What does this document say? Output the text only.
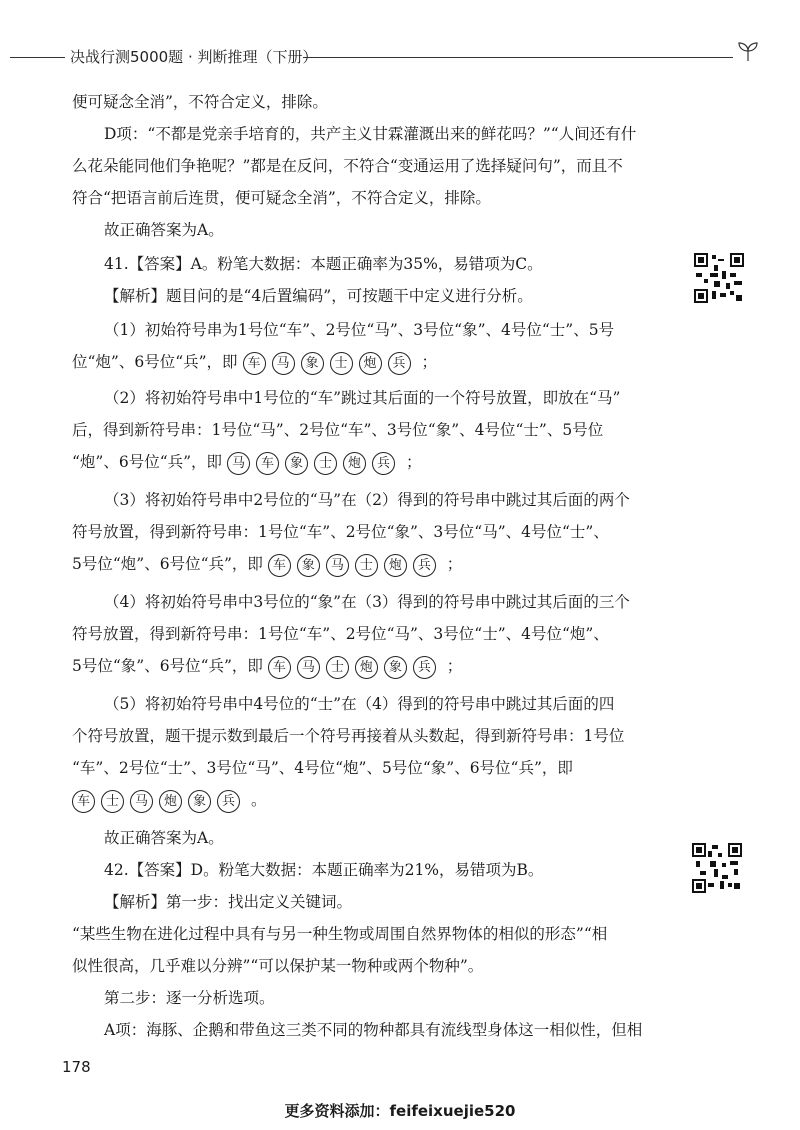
决战行测5000题 · 判断推理（下册）
便可疑念全消”，不符合定义，排除。
D项：“不都是党亲手培育的，共产主义甘霖灌溉出来的鲜花吗？”“人间还有什
么花朵能同他们争艳呢？”都是在反问，不符合“变通运用了选择疑问句”，而且不
符合“把语言前后连贯，便可疑念全消”，不符合定义，排除。
故正确答案为A。
41.【答案】A。粉笔大数据：本题正确率为35%，易错项为C。
【解析】题目问的是“4后置编码”，可按题干中定义进行分析。
（1）初始符号串为1号位“车”、2号位“马”、3号位“象”、4号位“士”、5号
位“炮”、6号位“兵”，即 车 马 象 士 炮 兵 ；
（2）将初始符号串中1号位的“车”跳过其后面的一个符号放置，即放在“马”
后，得到新符号串：1号位“马”、2号位“车”、3号位“象”、4号位“士”、5号位
“炮”、6号位“兵”，即 马 车 象 士 炮 兵 ；
（3）将初始符号串中2号位的“马”在（2）得到的符号串中跳过其后面的两个
符号放置，得到新符号串：1号位“车”、2号位“象”、3号位“马”、4号位“士”、
5号位“炮”、6号位“兵”，即 车 象 马 士 炮 兵 ；
（4）将初始符号串中3号位的“象”在（3）得到的符号串中跳过其后面的三个
符号放置，得到新符号串：1号位“车”、2号位“马”、3号位“士”、4号位“炮”、
5号位“象”、6号位“兵”，即 车 马 士 炮 象 兵 ；
（5）将初始符号串中4号位的“士”在（4）得到的符号串中跳过其后面的四
个符号放置，题干提示数到最后一个符号再接着从头数起，得到新符号串：1号位
“车”、2号位“士”、3号位“马”、4号位“炮”、5号位“象”、6号位“兵”，即
车 士 马 炮 象 兵 。
故正确答案为A。
42.【答案】D。粉笔大数据：本题正确率为21%，易错项为B。
【解析】第一步：找出定义关键词。
“某些生物在进化过程中具有与另一种生物或周围自然界物体的相似的形态”“相
似性很高，几乎难以分辨”“可以保护某一物种或两个物种”。
第二步：逐一分析选项。
A项：海豚、企鹅和带鱼这三类不同的物种都具有流线型身体这一相似性，但相
178
更多资料添加：feifeixuejie520
